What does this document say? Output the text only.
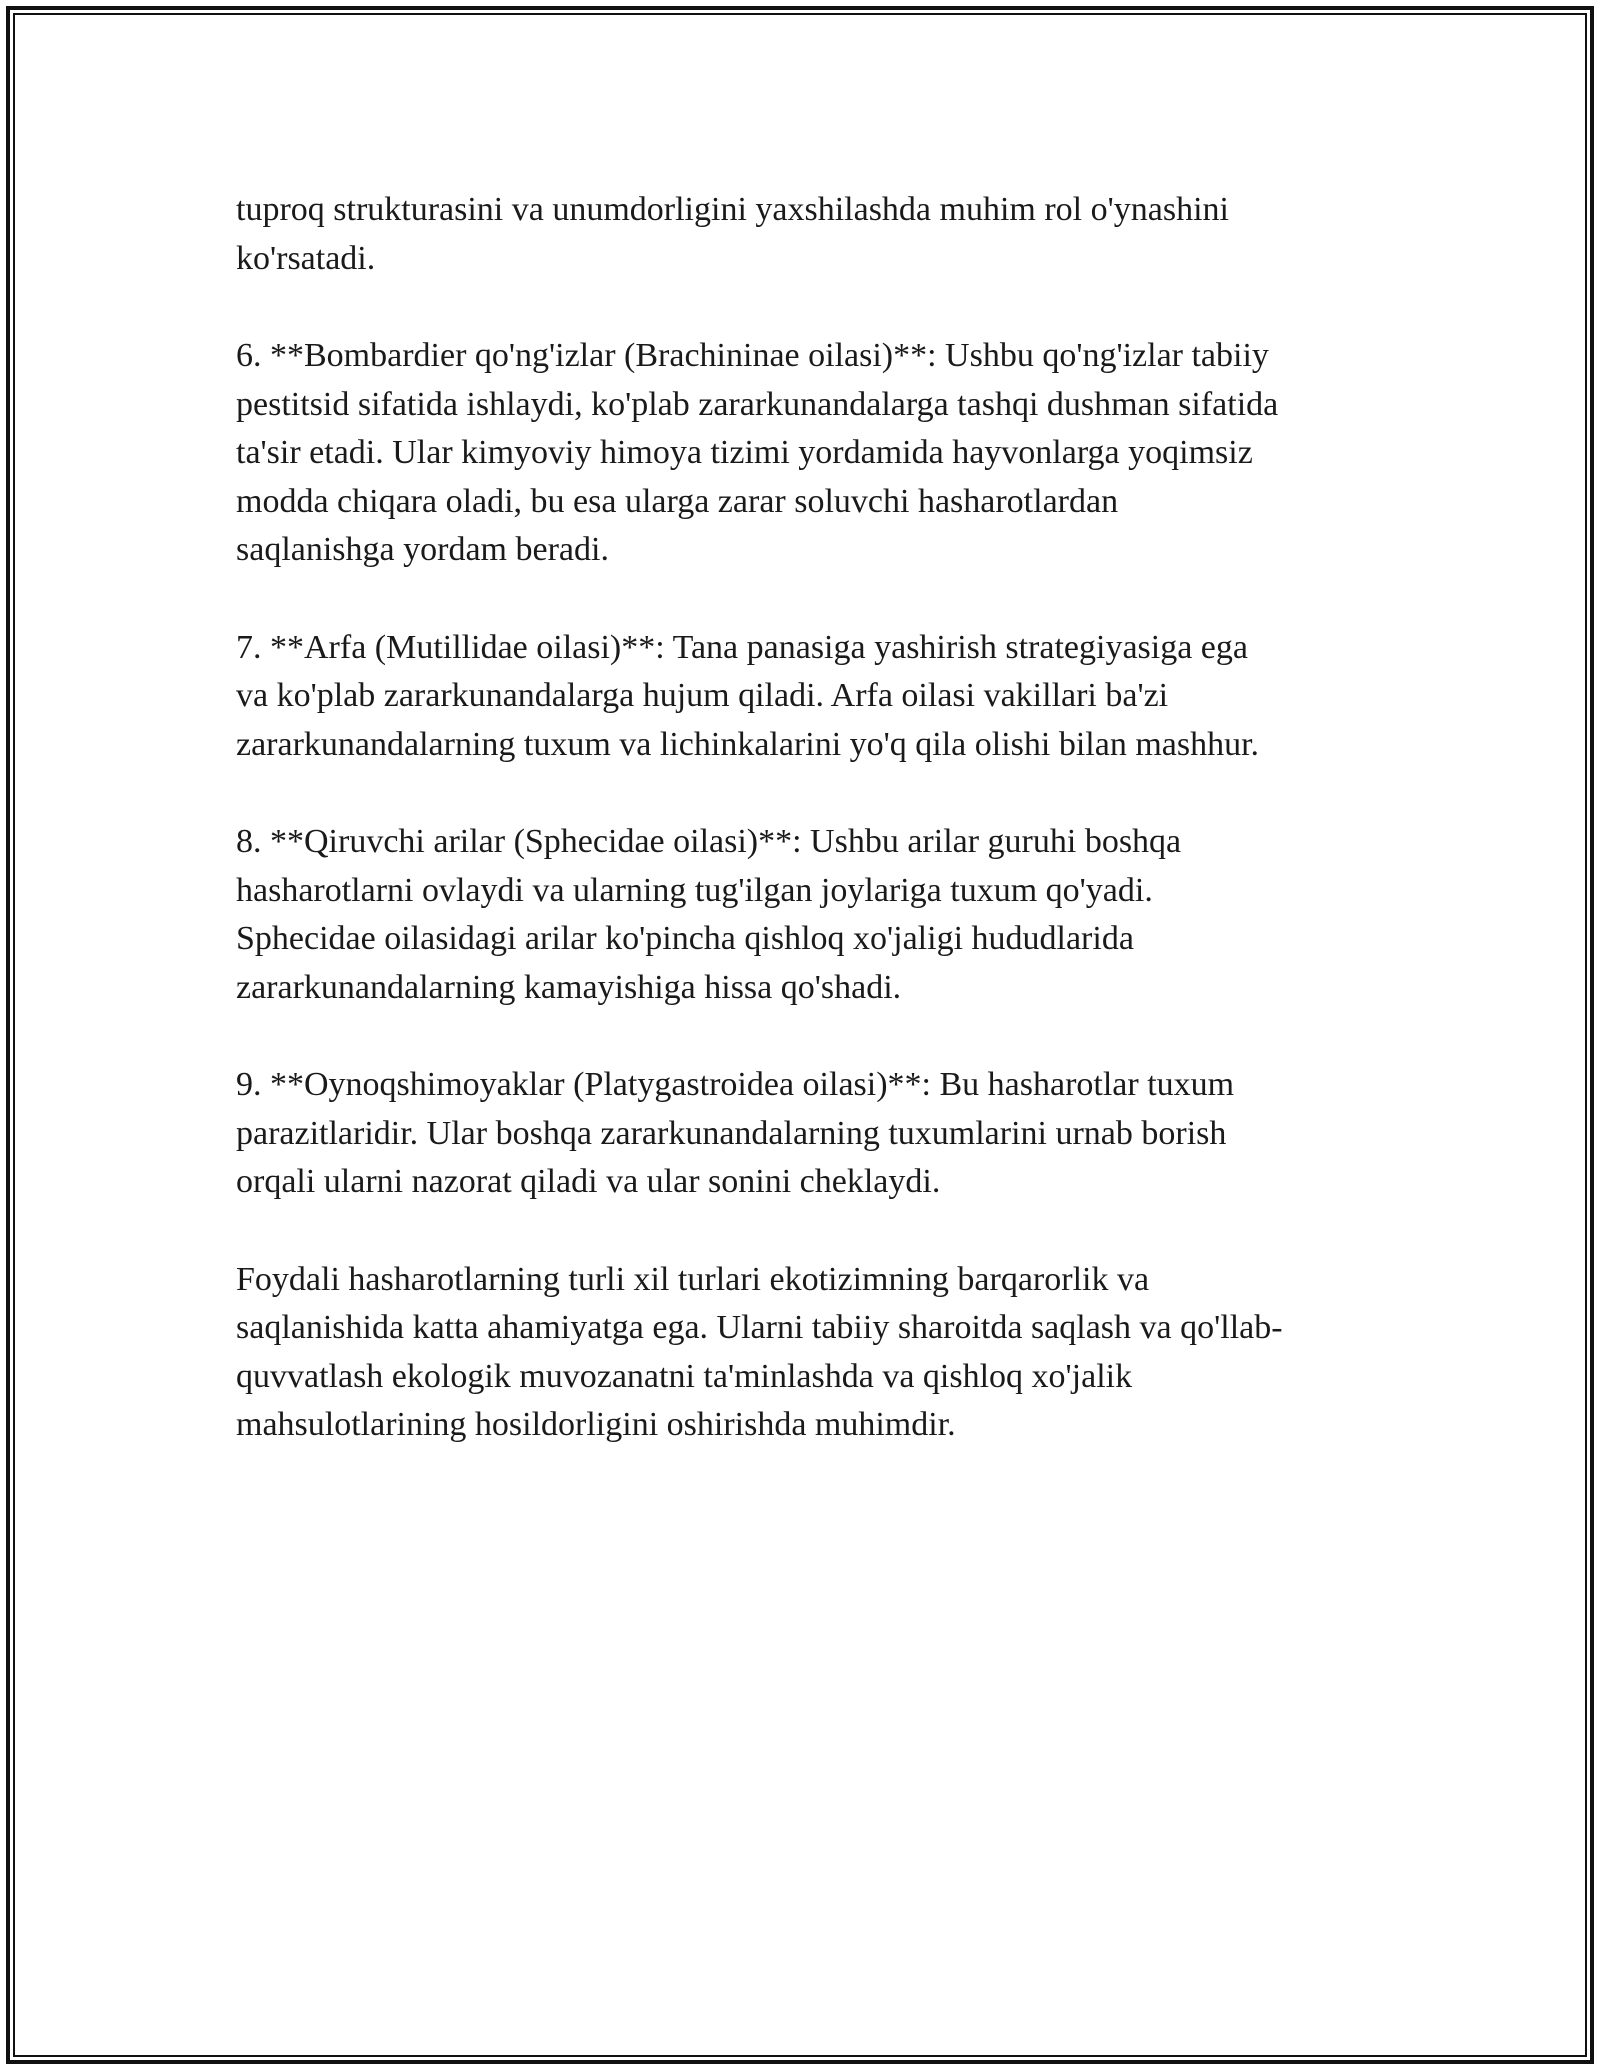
tuproq strukturasini va unumdorligini yaxshilashda muhim rol o'ynashini
ko'rsatadi.

6. **Bombardier qo'ng'izlar (Brachininae oilasi)**: Ushbu qo'ng'izlar tabiiy
pestitsid sifatida ishlaydi, ko'plab zararkunandalarga tashqi dushman sifatida
ta'sir etadi. Ular kimyoviy himoya tizimi yordamida hayvonlarga yoqimsiz
modda chiqara oladi, bu esa ularga zarar soluvchi hasharotlardan
saqlanishga yordam beradi.

7. **Arfa (Mutillidae oilasi)**: Tana panasiga yashirish strategiyasiga ega
va ko'plab zararkunandalarga hujum qiladi. Arfa oilasi vakillari ba'zi
zararkunandalarning tuxum va lichinkalarini yo'q qila olishi bilan mashhur.

8. **Qiruvchi arilar (Sphecidae oilasi)**: Ushbu arilar guruhi boshqa
hasharotlarni ovlaydi va ularning tug'ilgan joylariga tuxum qo'yadi.
Sphecidae oilasidagi arilar ko'pincha qishloq xo'jaligi hududlarida
zararkunandalarning kamayishiga hissa qo'shadi.

9. **Oynoqshimoyaklar (Platygastroidea oilasi)**: Bu hasharotlar tuxum
parazitlaridir. Ular boshqa zararkunandalarning tuxumlarini urnab borish
orqali ularni nazorat qiladi va ular sonini cheklaydi.

Foydali hasharotlarning turli xil turlari ekotizimning barqarorlik va
saqlanishida katta ahamiyatga ega. Ularni tabiiy sharoitda saqlash va qo'llab-
quvvatlash ekologik muvozanatni ta'minlashda va qishloq xo'jalik
mahsulotlarining hosildorligini oshirishda muhimdir.
